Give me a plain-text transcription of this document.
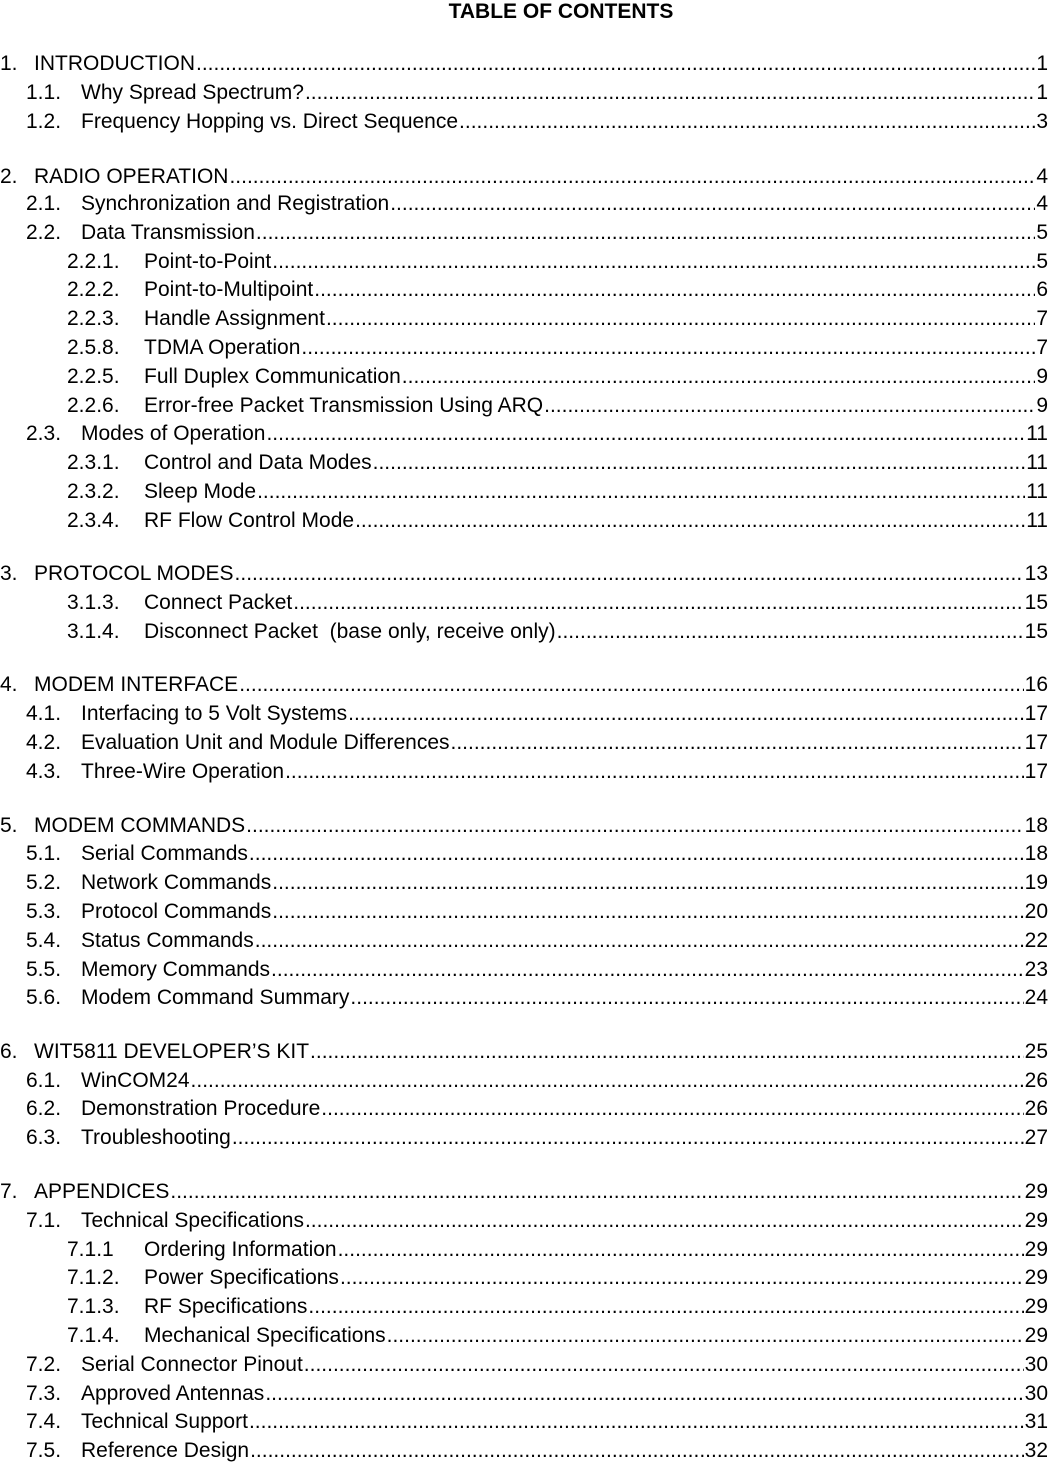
TABLE OF CONTENTS
1. INTRODUCTION .....	1
1.1. Why Spread Spectrum? .....	1
1.2. Frequency Hopping vs. Direct Sequence .....	3
2. RADIO OPERATION .....	4
2.1. Synchronization and Registration .....	4
2.2. Data Transmission .....	5
2.2.1.	Point-to-Point .....	5
2.2.2.	Point-to-Multipoint .....	6
2.2.3.	Handle Assignment .....	7
2.5.8.	TDMA Operation .....	7
2.2.5.	Full Duplex Communication .....	9
2.2.6.	Error-free Packet Transmission Using ARQ .....	9
2.3. Modes of Operation .....	11
2.3.1.	Control and Data Modes .....	11
2.3.2.	Sleep Mode .....	11
2.3.4.	RF Flow Control Mode .....	11
3. PROTOCOL MODES .....	13
3.1.3.	Connect Packet .....	15
3.1.4.	Disconnect Packet  (base only, receive only) .....	15
4. MODEM INTERFACE .....	16
4.1. Interfacing to 5 Volt Systems .....	17
4.2. Evaluation Unit and Module Differences .....	17
4.3. Three-Wire Operation .....	17
5. MODEM COMMANDS .....	18
5.1. Serial Commands .....	18
5.2. Network Commands .....	19
5.3. Protocol Commands .....	20
5.4. Status Commands .....	22
5.5. Memory Commands .....	23
5.6. Modem Command Summary .....	24
6. WIT5811 DEVELOPER’S KIT .....	25
6.1. WinCOM24 .....	26
6.2. Demonstration Procedure .....	26
6.3. Troubleshooting .....	27
7. APPENDICES .....	29
7.1. Technical Specifications .....	29
7.1.1	Ordering Information .....	29
7.1.2.	Power Specifications .....	29
7.1.3.	RF Specifications .....	29
7.1.4.	Mechanical Specifications .....	29
7.2. Serial Connector Pinout .....	30
7.3. Approved Antennas .....	30
7.4. Technical Support .....	31
7.5. Reference Design .....	32
